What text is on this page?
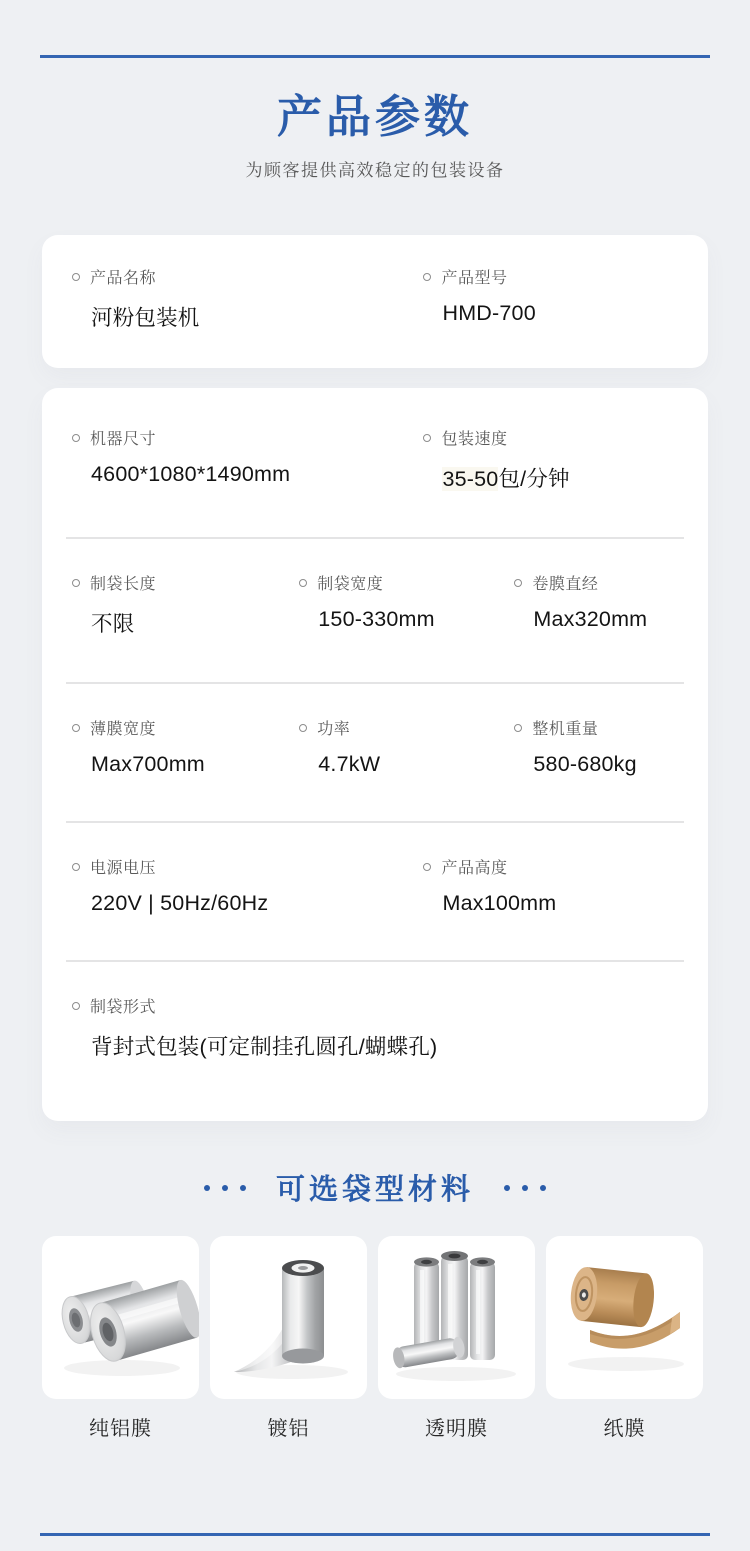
产品参数
为顾客提供高效稳定的包装设备
产品名称
河粉包装机
产品型号
HMD-700
机器尺寸
4600*1080*1490mm
包装速度
35-50包/分钟
制袋长度
不限
制袋宽度
150-330mm
卷膜直经
Max320mm
薄膜宽度
Max700mm
功率
4.7kW
整机重量
580-680kg
电源电压
220V | 50Hz/60Hz
产品高度
Max100mm
制袋形式
背封式包装(可定制挂孔圆孔/蝴蝶孔)
可选袋型材料
纯铝膜	镀铝	透明膜	纸膜
